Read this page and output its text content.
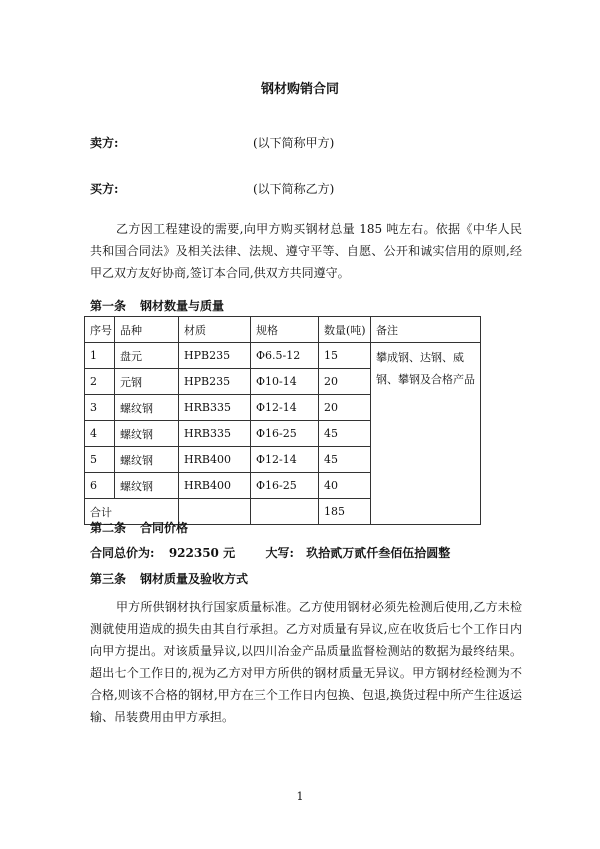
钢材购销合同
卖方:	(以下简称甲方)
买方:	(以下简称乙方)
乙方因工程建设的需要,向甲方购买钢材总量 185 吨左右。依据《中华人民共和国合同法》及相关法律、法规、遵守平等、自愿、公开和诚实信用的原则,经甲乙双方友好协商,签订本合同,供双方共同遵守。
第一条 钢材数量与质量
序号	品种	材质	规格	数量(吨)	备注
1	盘元	HPB235	Φ6.5-12	15	攀成钢、达钢、威钢、攀钢及合格产品
2	元钢	HPB235	Φ10-14	20	
3	螺纹钢	HRB335	Φ12-14	20	
4	螺纹钢	HRB335	Φ16-25	45	
5	螺纹钢	HRB400	Φ12-14	45	
6	螺纹钢	HRB400	Φ16-25	40	
合计				185	
第二条 合同价格
合同总价为: 922350 元	大写: 玖拾贰万贰仟叁佰伍拾圆整
第三条 钢材质量及验收方式
甲方所供钢材执行国家质量标准。乙方使用钢材必须先检测后使用,乙方未检测就使用造成的损失由其自行承担。乙方对质量有异议,应在收货后七个工作日内向甲方提出。对该质量异议,以四川冶金产品质量监督检测站的数据为最终结果。超出七个工作日的,视为乙方对甲方所供的钢材质量无异议。甲方钢材经检测为不合格,则该不合格的钢材,甲方在三个工作日内包换、包退,换货过程中所产生往返运输、吊装费用由甲方承担。
1
